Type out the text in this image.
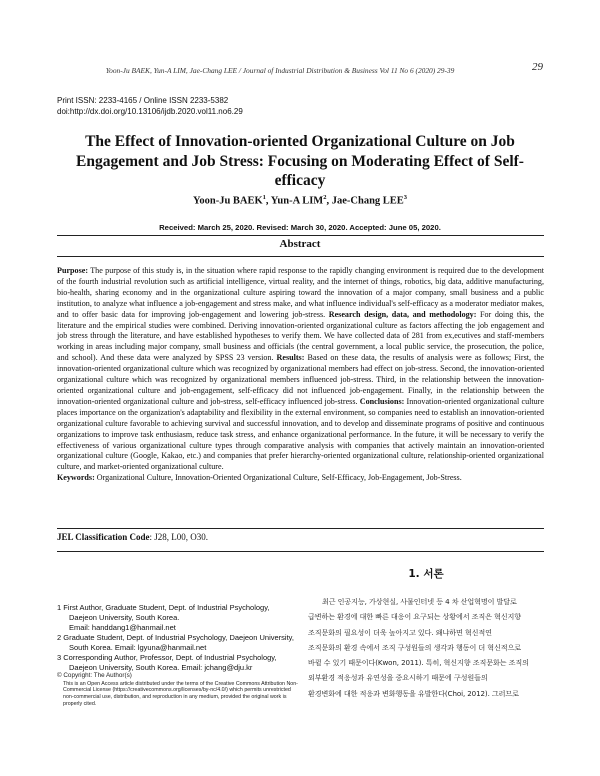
Yoon-Ju BAEK, Yun-A LIM, Jae-Chang LEE / Journal of Industrial Distribution & Business Vol 11 No 6 (2020) 29-39	29
Print ISSN: 2233-4165 / Online ISSN 2233-5382
doi:http://dx.doi.org/10.13106/ijdb.2020.vol11.no6.29
The Effect of Innovation-oriented Organizational Culture on Job Engagement and Job Stress: Focusing on Moderating Effect of Self-efficacy
Yoon-Ju BAEK$^1$, Yun-A LIM$^2$, Jae-Chang LEE$^3$
Received: March 25, 2020. Revised: March 30, 2020. Accepted: June 05, 2020.
Abstract
Purpose: The purpose of this study is, in the situation where rapid response to the rapidly changing environment is required due to the development of the fourth industrial revolution such as artificial intelligence, virtual reality, and the internet of things, robotics, big data, additive manufacturing, bio-health, sharing economy and in the organizational culture aspiring toward the innovation of a major company, small business and a public institution, to analyze what influence a job-engagement and stress make, and what influence individual's self-efficacy as a moderator mediator makes, and to offer basic data for improving job-engagement and lowering job-stress. Research design, data, and methodology: For doing this, the literature and the empirical studies were combined. Deriving innovation-oriented organizational culture as factors affecting the job engagement and job stress through the literature, and have established hypotheses to verify them. We have collected data of 281 from ex,ecutives and staff-members working in areas including major company, small business and officials (the central government, a local public service, the prosecution, the police, and school). And these data were analyzed by SPSS 23 version. Results: Based on these data, the results of analysis were as follows; First, the innovation-oriented organizational culture which was recognized by organizational members had effect on job-stress. Second, the innovation-oriented organizational culture which was recognized by organizational members influenced job-stress. Third, in the relationship between the innovation-oriented organizational culture and job-engagement, self-efficacy did not influenced job-engagement. Finally, in the relationship between the innovation-oriented organizational culture and job-stress, self-efficacy influenced job-stress. Conclusions: Innovation-oriented organizational culture places importance on the organization's adaptability and flexibility in the external environment, so companies need to establish an innovation-oriented organizational culture favorable to achieving survival and successful innovation, and to develop and disseminate programs of positive and continuous organizations to improve task enthusiasm, reduce task stress, and enhance organizational performance. In the future, it will be necessary to verify the effectiveness of various organizational culture types through comparative analysis with companies that actively maintain an innovation-oriented organizational culture (Google, Kakao, etc.) and companies that prefer hierarchy-oriented organizational culture, relationship-oriented organizational culture, and market-oriented organizational culture.
Keywords: Organizational Culture, Innovation-Oriented Organizational Culture, Self-Efficacy, Job-Engagement, Job-Stress.
JEL Classification Code: J28, L00, O30.
1. 서론
최근 인공지능, 가상현실, 사물인터넷 등 4 차 산업혁명이 발달로
급변하는 환경에 대한 빠른 대응이 요구되는 상황에서 조직은 혁신지향
조직문화의 필요성이 더욱 높아지고 있다. 왜냐하면 혁신적연
조직문화의 환경 속에서 조직 구성원들의 생각과 행동이 더 혁신적으로
바뀔 수 있기 때문이다(Kwon, 2011). 특히, 혁신지향 조직문화는 조직의
외부환경 적응성과 유연성을 중요시하기 때문에 구성원들의
환경변화에 대한 적응과 변화행동을 유발한다(Choi, 2012). 그러므로
1 First Author, Graduate Student, Dept. of Industrial Psychology, Daejeon University, South Korea.
Email: handdang1@hanmail.net
2 Graduate Student, Dept. of Industrial Psychology, Daejeon University, South Korea. Email: lgyuna@hanmail.net
3 Corresponding Author, Professor, Dept. of Industrial Psychology, Daejeon University, South Korea. Email: jchang@dju.kr
© Copyright: The Author(s)
This is an Open Access article distributed under the terms of the Creative Commons Attribution Non-Commercial License (https://creativecommons.org/licenses/by-nc/4.0/) which permits unrestricted non-commercial use, distribution, and reproduction in any medium, provided the original work is properly cited.
